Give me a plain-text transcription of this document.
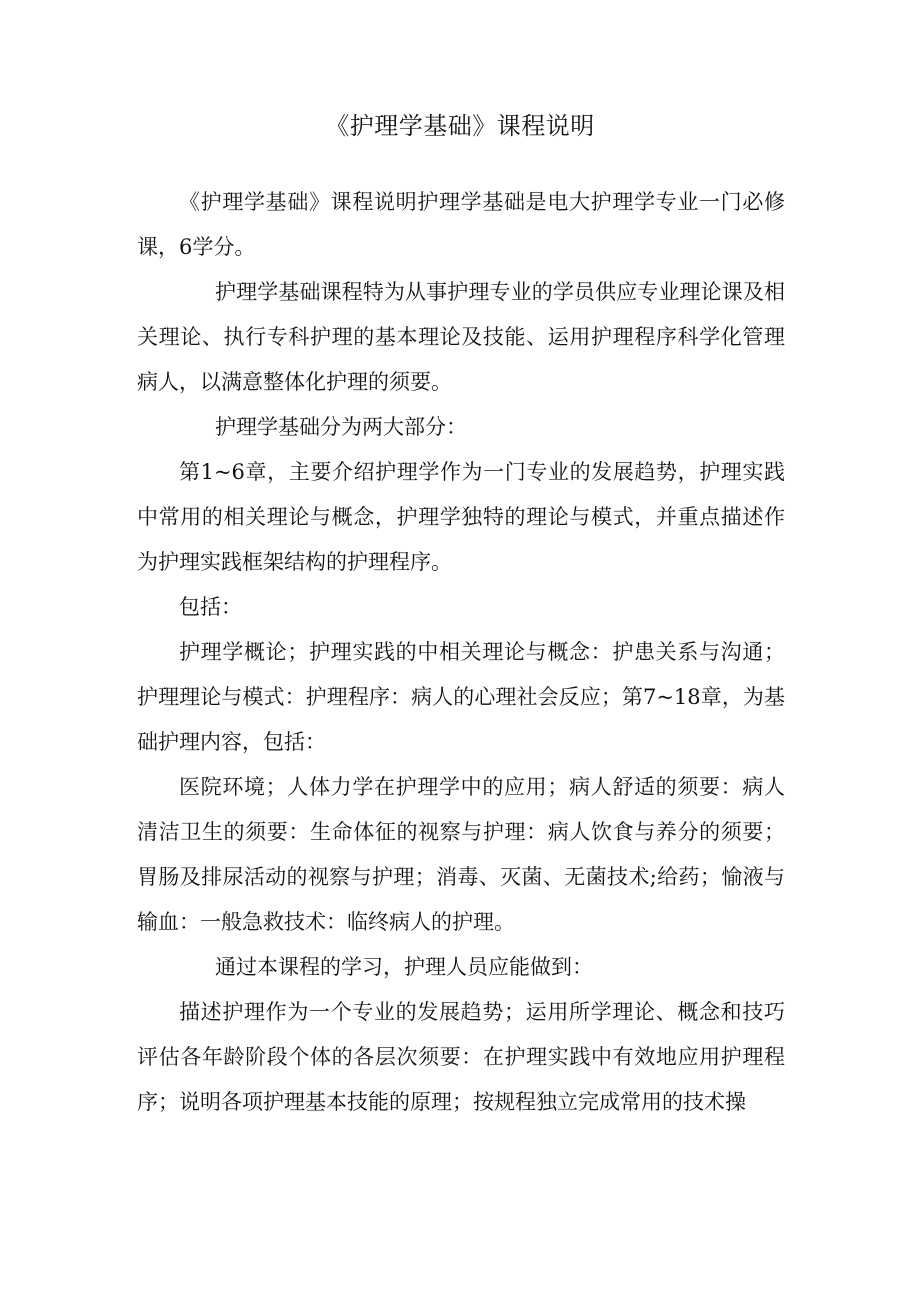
《护理学基础》课程说明

《护理学基础》课程说明护理学基础是电大护理学专业一门必修课，6学分。

护理学基础课程特为从事护理专业的学员供应专业理论课及相关理论、执行专科护理的基本理论及技能、运用护理程序科学化管理病人，以满意整体化护理的须要。

护理学基础分为两大部分：

第1~6章，主要介绍护理学作为一门专业的发展趋势，护理实践中常用的相关理论与概念，护理学独特的理论与模式，并重点描述作为护理实践框架结构的护理程序。

包括：

护理学概论；护理实践的中相关理论与概念：护患关系与沟通；护理理论与模式：护理程序：病人的心理社会反应；第7~18章，为基础护理内容，包括：

医院环境；人体力学在护理学中的应用；病人舒适的须要：病人清洁卫生的须要：生命体征的视察与护理：病人饮食与养分的须要；胃肠及排尿活动的视察与护理；消毒、灭菌、无菌技术;给药；愉液与输血：一般急救技术：临终病人的护理。

通过本课程的学习，护理人员应能做到：

描述护理作为一个专业的发展趋势；运用所学理论、概念和技巧评估各年龄阶段个体的各层次须要：在护理实践中有效地应用护理程序；说明各项护理基本技能的原理；按规程独立完成常用的技术操
